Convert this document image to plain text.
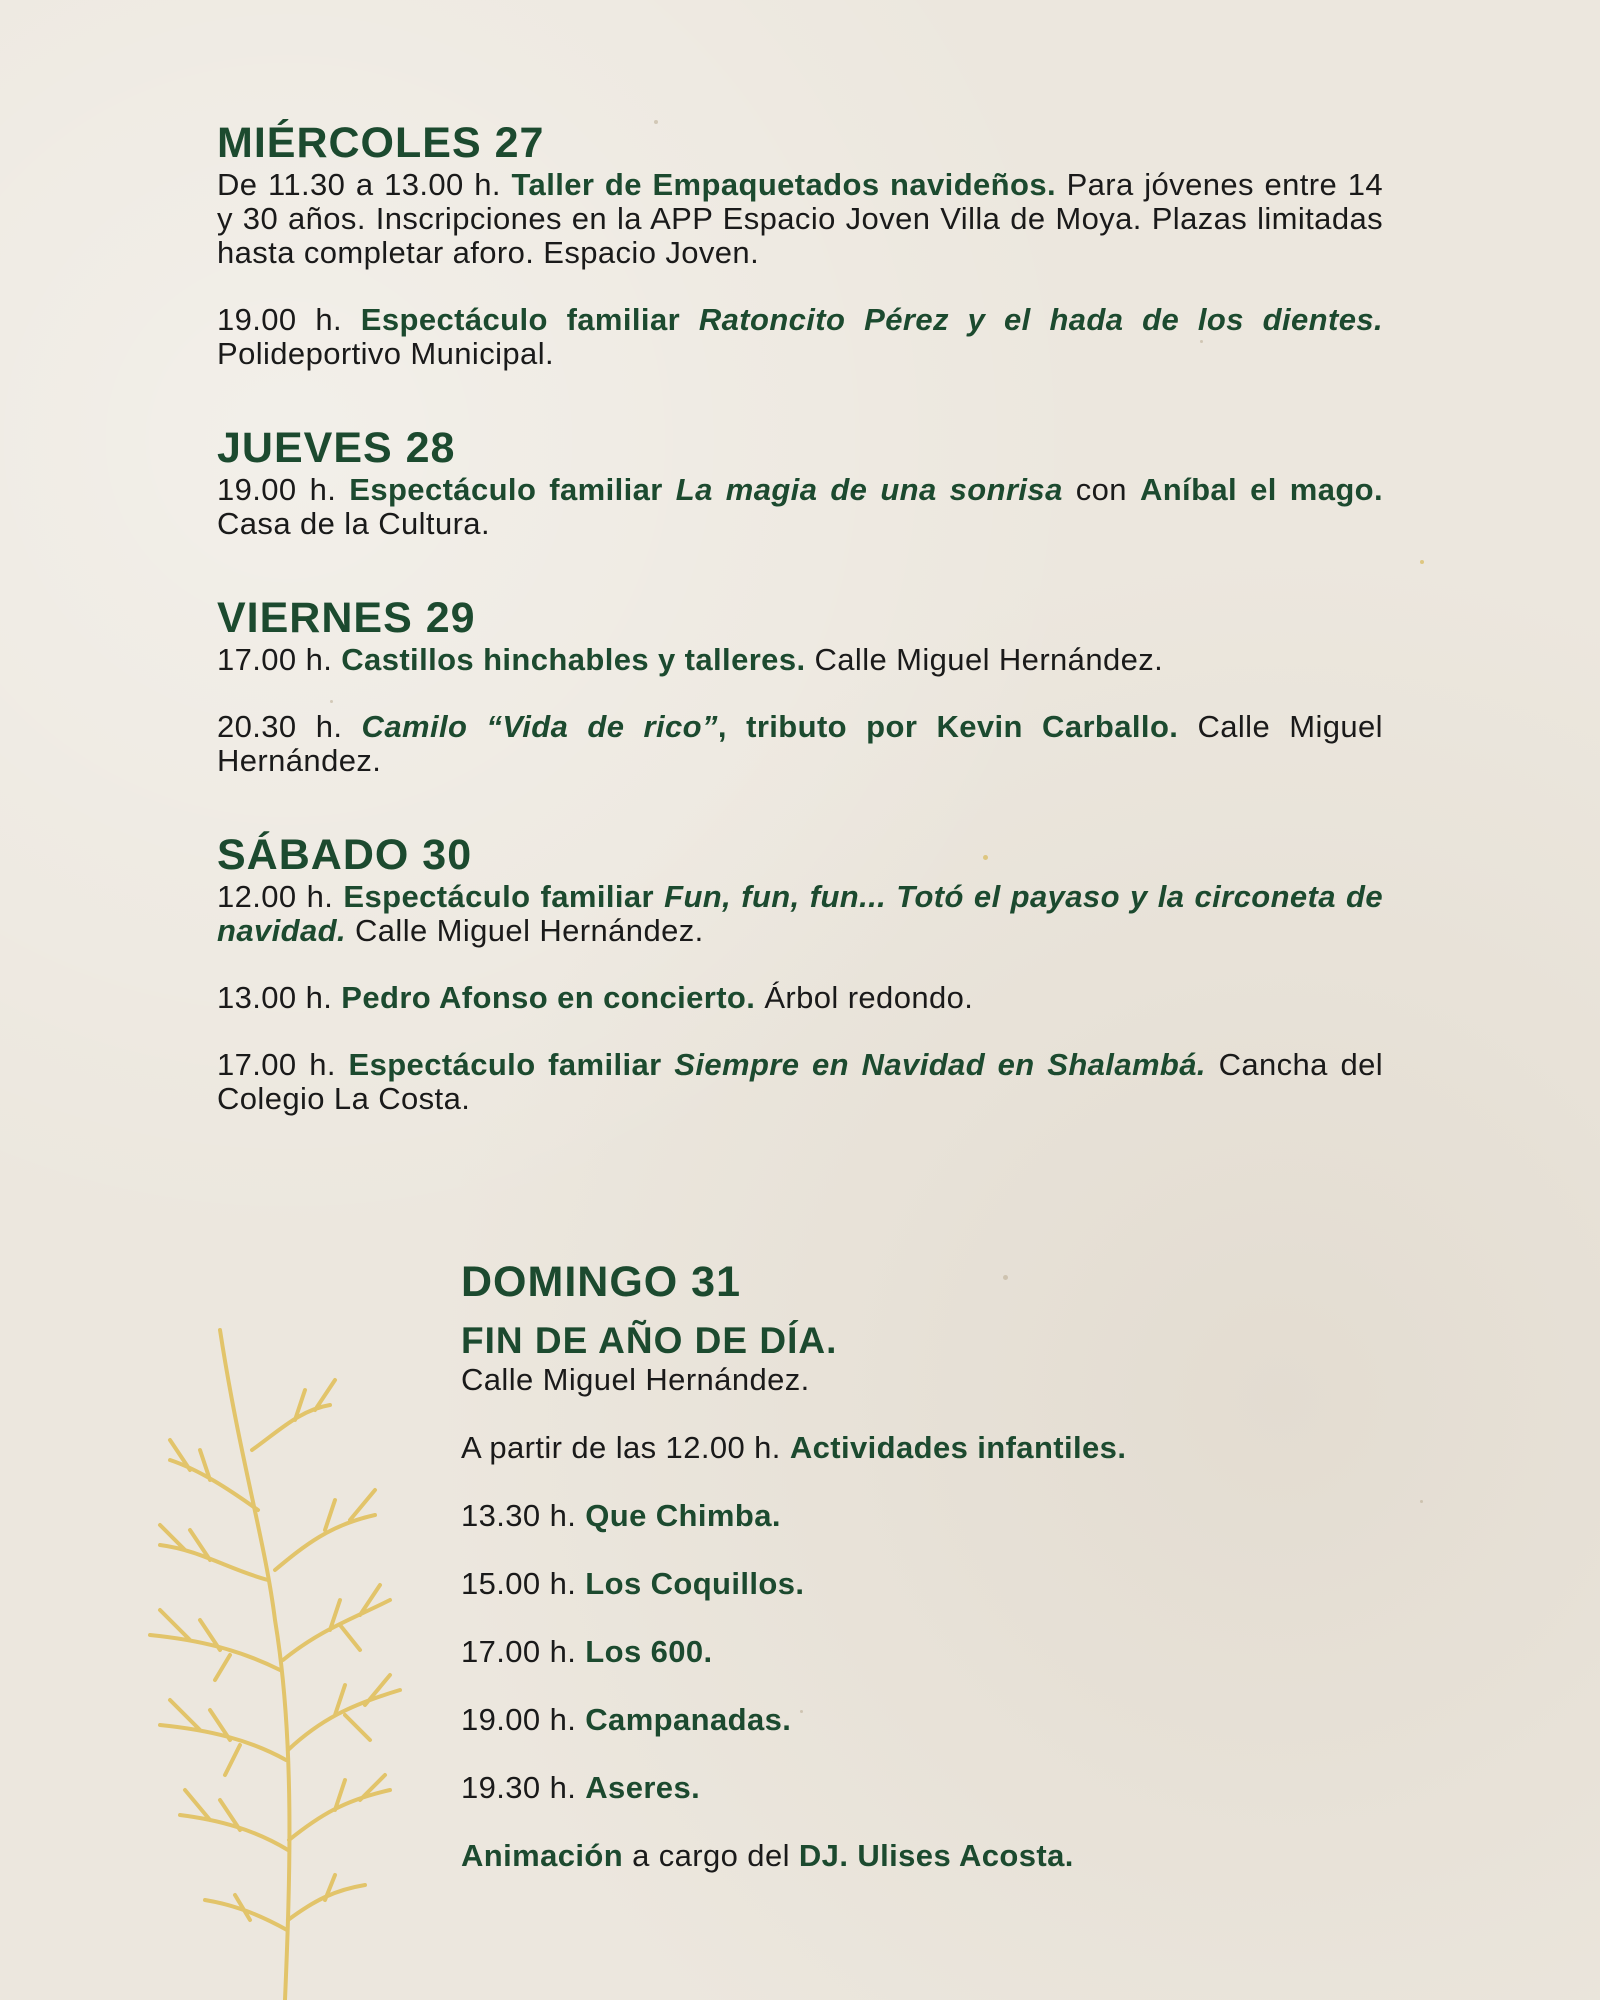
MIÉRCOLES 27

De 11.30 a 13.00 h. Taller de Empaquetados navideños. Para jóvenes entre 14 y 30 años. Inscripciones en la APP Espacio Joven Villa de Moya. Plazas limitadas hasta completar aforo. Espacio Joven.

19.00 h. Espectáculo familiar Ratoncito Pérez y el hada de los dientes. Polideportivo Municipal.

JUEVES 28

19.00 h. Espectáculo familiar La magia de una sonrisa con Aníbal el mago. Casa de la Cultura.

VIERNES 29

17.00 h. Castillos hinchables y talleres. Calle Miguel Hernández.

20.30 h. Camilo “Vida de rico”, tributo por Kevin Carballo. Calle Miguel Hernández.

SÁBADO 30

12.00 h. Espectáculo familiar Fun, fun, fun... Totó el payaso y la circoneta de navidad. Calle Miguel Hernández.

13.00 h. Pedro Afonso en concierto. Árbol redondo.

17.00 h. Espectáculo familiar Siempre en Navidad en Shalambá. Cancha del Colegio La Costa.

DOMINGO 31
FIN DE AÑO DE DÍA.

Calle Miguel Hernández.

A partir de las 12.00 h. Actividades infantiles.

13.30 h. Que Chimba.

15.00 h. Los Coquillos.

17.00 h. Los 600.

19.00 h. Campanadas.

19.30 h. Aseres.

Animación a cargo del DJ. Ulises Acosta.
